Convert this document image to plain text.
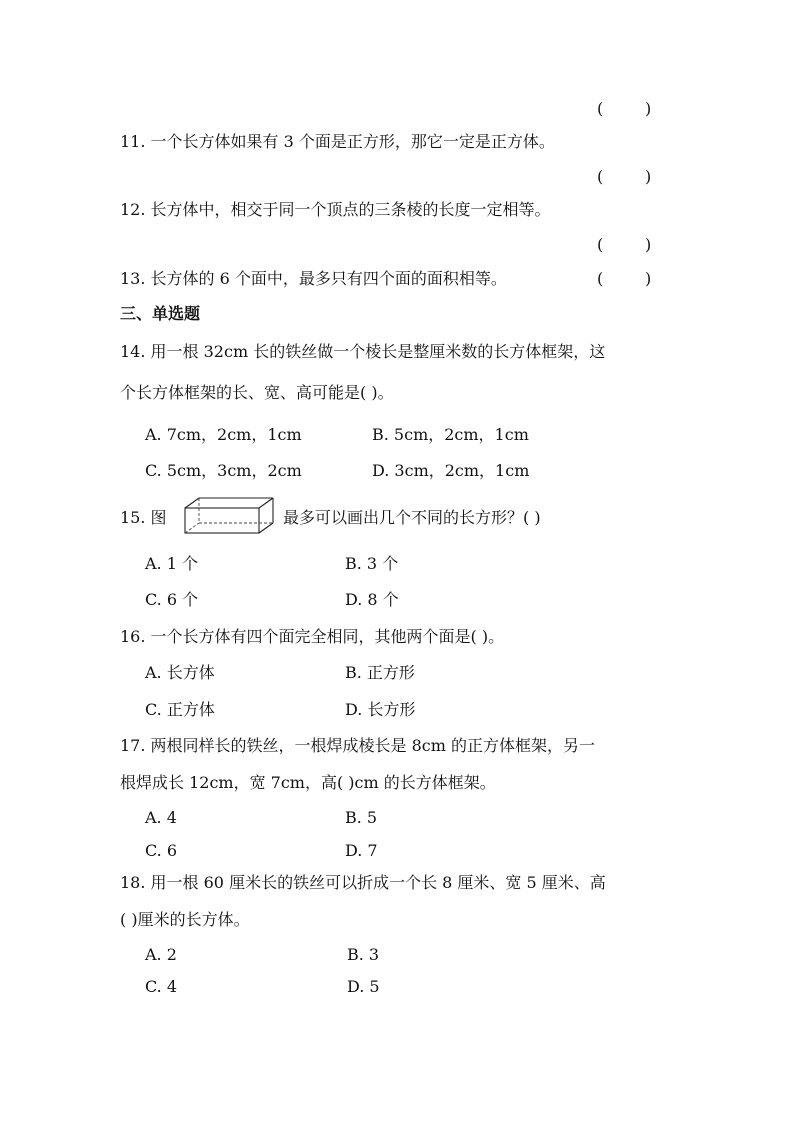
(	)
11. 一个长方体如果有 3 个面是正方形，那它一定是正方体。
(	)
12. 长方体中，相交于同一个顶点的三条棱的长度一定相等。
(	)
13. 长方体的 6 个面中，最多只有四个面的面积相等。	(	)
三、单选题
14. 用一根 32cm 长的铁丝做一个棱长是整厘米数的长方体框架，这
个长方体框架的长、宽、高可能是( )。
A. 7cm，2cm，1cm	B. 5cm，2cm，1cm
C. 5cm，3cm，2cm	D. 3cm，2cm，1cm
15. 图	最多可以画出几个不同的长方形？( )
A. 1 个	B. 3 个
C. 6 个	D. 8 个
16. 一个长方体有四个面完全相同，其他两个面是( )。
A. 长方体	B. 正方形
C. 正方体	D. 长方形
17. 两根同样长的铁丝，一根焊成棱长是 8cm 的正方体框架，另一
根焊成长 12cm，宽 7cm，高( )cm 的长方体框架。
A. 4	B. 5
C. 6	D. 7
18. 用一根 60 厘米长的铁丝可以折成一个长 8 厘米、宽 5 厘米、高
( )厘米的长方体。
A. 2	B. 3
C. 4	D. 5
